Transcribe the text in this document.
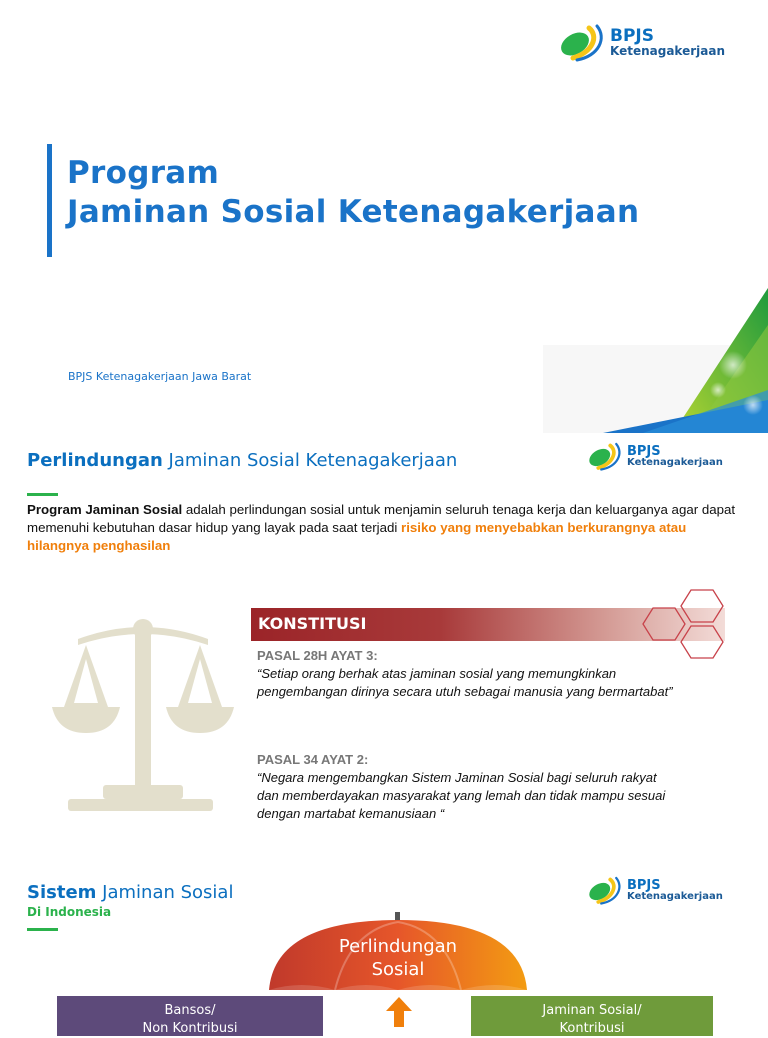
BPJS
Ketenagakerjaan
Program
Jaminan Sosial Ketenagakerjaan
BPJS Ketenagakerjaan Jawa Barat
Perlindungan Jaminan Sosial Ketenagakerjaan	BPJS
Ketenagakerjaan

Program Jaminan Sosial adalah perlindungan sosial untuk menjamin seluruh tenaga kerja dan keluarganya agar dapat memenuhi kebutuhan dasar hidup yang layak pada saat terjadi risiko yang menyebabkan berkurangnya atau hilangnya penghasilan

KONSTITUSI
PASAL 28H AYAT 3:
“Setiap orang berhak atas jaminan sosial yang memungkinkan pengembangan dirinya secara utuh sebagai manusia yang bermartabat”
PASAL 34 AYAT 2:
“Negara mengembangkan Sistem Jaminan Sosial bagi seluruh rakyat dan memberdayakan masyarakat yang lemah dan tidak mampu sesuai dengan martabat kemanusiaan “
Sistem Jaminan Sosial
Di Indonesia
BPJS
Ketenagakerjaan
Perlindungan
Sosial
Bansos/
Non Kontribusi
Jaminan Sosial/
Kontribusi
